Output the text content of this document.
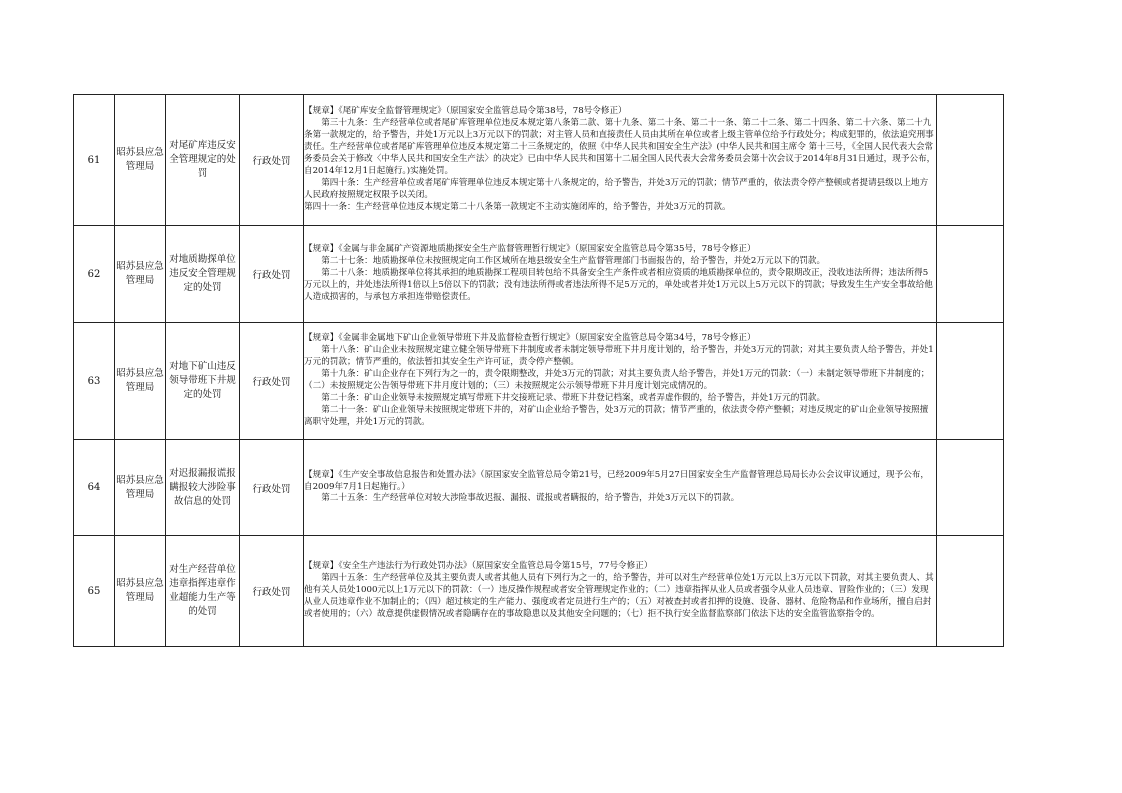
61	昭苏县应急管理局	对尾矿库违反安全管理规定的处罚	行政处罚	【规章】《尾矿库安全监督管理规定》（原国家安全监管总局令第38号，78号令修正）
第三十九条：生产经营单位或者尾矿库管理单位违反本规定第八条第二款、第十九条、第二十条、第二十一条、第二十二条、第二十四条、第二十六条、第二十九条第一款规定的，给予警告，并处1万元以上3万元以下的罚款；对主管人员和直接责任人员由其所在单位或者上级主管单位给予行政处分；构成犯罪的，依法追究刑事责任。生产经营单位或者尾矿库管理单位违反本规定第二十三条规定的，依照《中华人民共和国安全生产法》(中华人民共和国主席令 第十三号，《全国人民代表大会常务委员会关于修改〈中华人民共和国安全生产法〉的决定》已由中华人民共和国第十二届全国人民代表大会常务委员会第十次会议于2014年8月31日通过，现予公布，自2014年12月1日起施行。)实施处罚。
第四十条：生产经营单位或者尾矿库管理单位违反本规定第十八条规定的，给予警告，并处3万元的罚款；情节严重的，依法责令停产整顿或者提请县级以上地方人民政府按照规定权限予以关闭。
第四十一条：生产经营单位违反本规定第二十八条第一款规定不主动实施闭库的，给予警告，并处3万元的罚款。	

62	昭苏县应急管理局	对地质勘探单位违反安全管理规定的处罚	行政处罚	【规章】《金属与非金属矿产资源地质勘探安全生产监督管理暂行规定》（原国家安全监管总局令第35号，78号令修正）
第二十七条：地质勘探单位未按照规定向工作区域所在地县级安全生产监督管理部门书面报告的，给予警告，并处2万元以下的罚款。
第二十八条：地质勘探单位将其承担的地质勘探工程项目转包给不具备安全生产条件或者相应资质的地质勘探单位的，责令限期改正，没收违法所得；违法所得5万元以上的，并处违法所得1倍以上5倍以下的罚款；没有违法所得或者违法所得不足5万元的，单处或者并处1万元以上5万元以下的罚款；导致发生生产安全事故给他人造成损害的，与承包方承担连带赔偿责任。	

63	昭苏县应急管理局	对地下矿山违反领导带班下井规定的处罚	行政处罚	【规章】《金属非金属地下矿山企业领导带班下井及监督检查暂行规定》（原国家安全监管总局令第34号，78号令修正）
第十八条：矿山企业未按照规定建立健全领导带班下井制度或者未制定领导带班下井月度计划的，给予警告，并处3万元的罚款；对其主要负责人给予警告，并处1万元的罚款；情节严重的，依法暂扣其安全生产许可证，责令停产整顿。
第十九条：矿山企业存在下列行为之一的，责令限期整改，并处3万元的罚款；对其主要负责人给予警告，并处1万元的罚款：（一）未制定领导带班下井制度的；（二）未按照规定公告领导带班下井月度计划的；（三）未按照规定公示领导带班下井月度计划完成情况的。
第二十条：矿山企业领导未按照规定填写带班下井交接班记录、带班下井登记档案，或者弄虚作假的，给予警告，并处1万元的罚款。
第二十一条：矿山企业领导未按照规定带班下井的，对矿山企业给予警告，处3万元的罚款；情节严重的，依法责令停产整顿；对违反规定的矿山企业领导按照擅离职守处理，并处1万元的罚款。	

64	昭苏县应急管理局	对迟报漏报谎报瞒报较大涉险事故信息的处罚	行政处罚	【规章】《生产安全事故信息报告和处置办法》（原国家安全监管总局令第21号，已经2009年5月27日国家安全生产监督管理总局局长办公会议审议通过，现予公布，自2009年7月1日起施行。）
第二十五条：生产经营单位对较大涉险事故迟报、漏报、谎报或者瞒报的，给予警告，并处3万元以下的罚款。	

65	昭苏县应急管理局	对生产经营单位违章指挥违章作业超能力生产等的处罚	行政处罚	【规章】《安全生产违法行为行政处罚办法》（原国家安全监管总局令第15号，77号令修正）
第四十五条：生产经营单位及其主要负责人或者其他人员有下列行为之一的，给予警告，并可以对生产经营单位处1万元以上3万元以下罚款，对其主要负责人、其他有关人员处1000元以上1万元以下的罚款：（一）违反操作规程或者安全管理规定作业的；（二）违章指挥从业人员或者强令从业人员违章、冒险作业的；（三）发现从业人员违章作业不加制止的；（四）超过核定的生产能力、强度或者定员进行生产的；（五）对被查封或者扣押的设施、设备、器材、危险物品和作业场所，擅自启封或者使用的；（六）故意提供虚假情况或者隐瞒存在的事故隐患以及其他安全问题的；（七）拒不执行安全监督监察部门依法下达的安全监管监察指令的。	
